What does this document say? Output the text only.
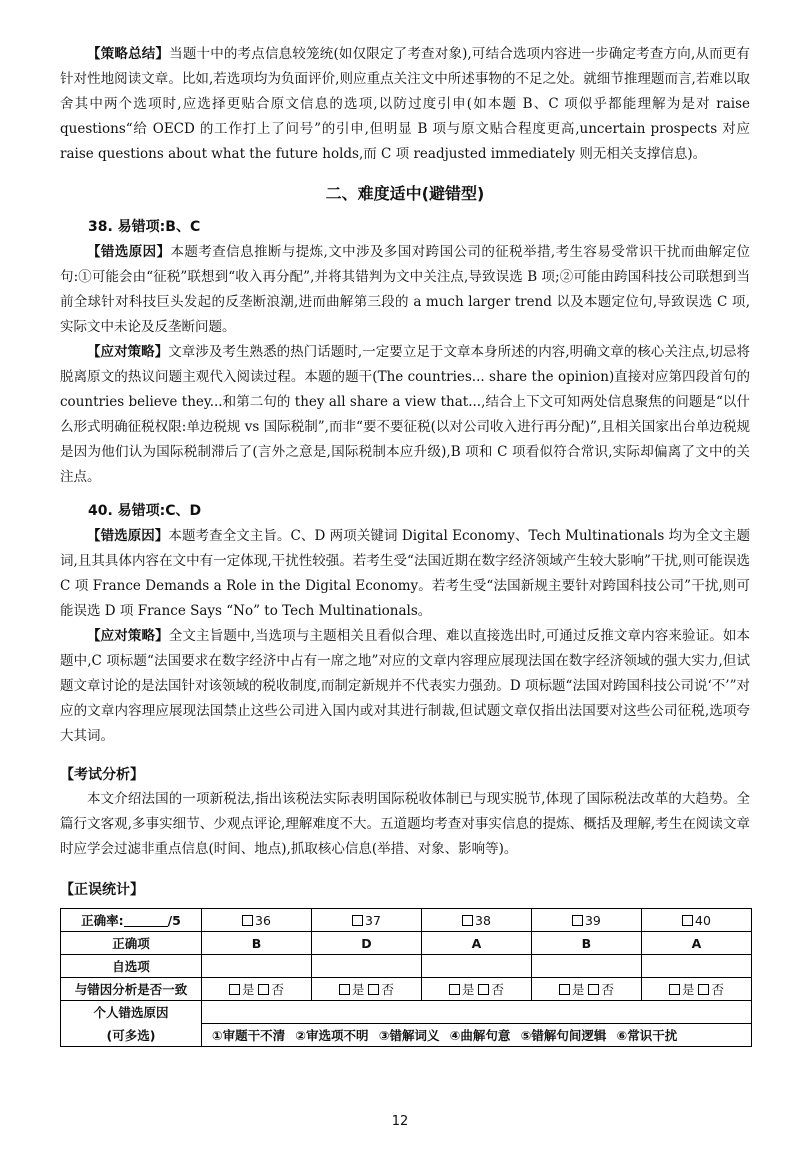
【策略总结】当题十中的考点信息较笼统(如仅限定了考查对象),可结合选项内容进一步确定考查方向,从而更有针对性地阅读文章。比如,若选项均为负面评价,则应重点关注文中所述事物的不足之处。就细节推理题而言,若难以取舍其中两个选项时,应选择更贴合原文信息的选项,以防过度引申(如本题 B、C 项似乎都能理解为是对 raise questions“给 OECD 的工作打上了问号”的引申,但明显 B 项与原文贴合程度更高,uncertain prospects 对应 raise questions about what the future holds,而 C 项 readjusted immediately 则无相关支撑信息)。

二、难度适中(避错型)
38. 易错项:B、C

【错选原因】本题考查信息推断与提炼,文中涉及多国对跨国公司的征税举措,考生容易受常识干扰而曲解定位句:①可能会由“征税”联想到“收入再分配”,并将其错判为文中关注点,导致误选 B 项;②可能由跨国科技公司联想到当前全球针对科技巨头发起的反垄断浪潮,进而曲解第三段的 a much larger trend 以及本题定位句,导致误选 C 项,实际文中未论及反垄断问题。

【应对策略】文章涉及考生熟悉的热门话题时,一定要立足于文章本身所述的内容,明确文章的核心关注点,切忌将脱离原文的热议问题主观代入阅读过程。本题的题干(The countries... share the opinion)直接对应第四段首句的 countries believe they...和第二句的 they all share a view that...,结合上下文可知两处信息聚焦的问题是“以什么形式明确征税权限:单边税规 vs 国际税制”,而非“要不要征税(以对公司收入进行再分配)”,且相关国家出台单边税规是因为他们认为国际税制滞后了(言外之意是,国际税制本应升级),B 项和 C 项看似符合常识,实际却偏离了文中的关注点。

40. 易错项:C、D

【错选原因】本题考查全文主旨。C、D 两项关键词 Digital Economy、Tech Multinationals 均为全文主题词,且其具体内容在文中有一定体现,干扰性较强。若考生受“法国近期在数字经济领域产生较大影响”干扰,则可能误选 C 项 France Demands a Role in the Digital Economy。若考生受“法国新规主要针对跨国科技公司”干扰,则可能误选 D 项 France Says “No” to Tech Multinationals。

【应对策略】全文主旨题中,当选项与主题相关且看似合理、难以直接选出时,可通过反推文章内容来验证。如本题中,C 项标题“法国要求在数字经济中占有一席之地”对应的文章内容理应展现法国在数字经济领域的强大实力,但试题文章讨论的是法国针对该领域的税收制度,而制定新规并不代表实力强劲。D 项标题“法国对跨国科技公司说‘不’”对应的文章内容理应展现法国禁止这些公司进入国内或对其进行制裁,但试题文章仅指出法国要对这些公司征税,选项夸大其词。

【考试分析】

本文介绍法国的一项新税法,指出该税法实际表明国际税收体制已与现实脱节,体现了国际税法改革的大趋势。全篇行文客观,多事实细节、少观点评论,理解难度不大。五道题均考查对事实信息的提炼、概括及理解,考生在阅读文章时应学会过滤非重点信息(时间、地点),抓取核心信息(举措、对象、影响等)。

【正误统计】
正确率: /5	36	37	38	39	40
正确项	B	D	A	B	A
自选项					
与错因分析是否一致	是 否	是 否	是 否	是 否	是 否
个人错选原因					
(可多选)	①审题干不清 ②审选项不明 ③错解词义 ④曲解句意 ⑤错解句间逻辑 ⑥常识干扰				
12
